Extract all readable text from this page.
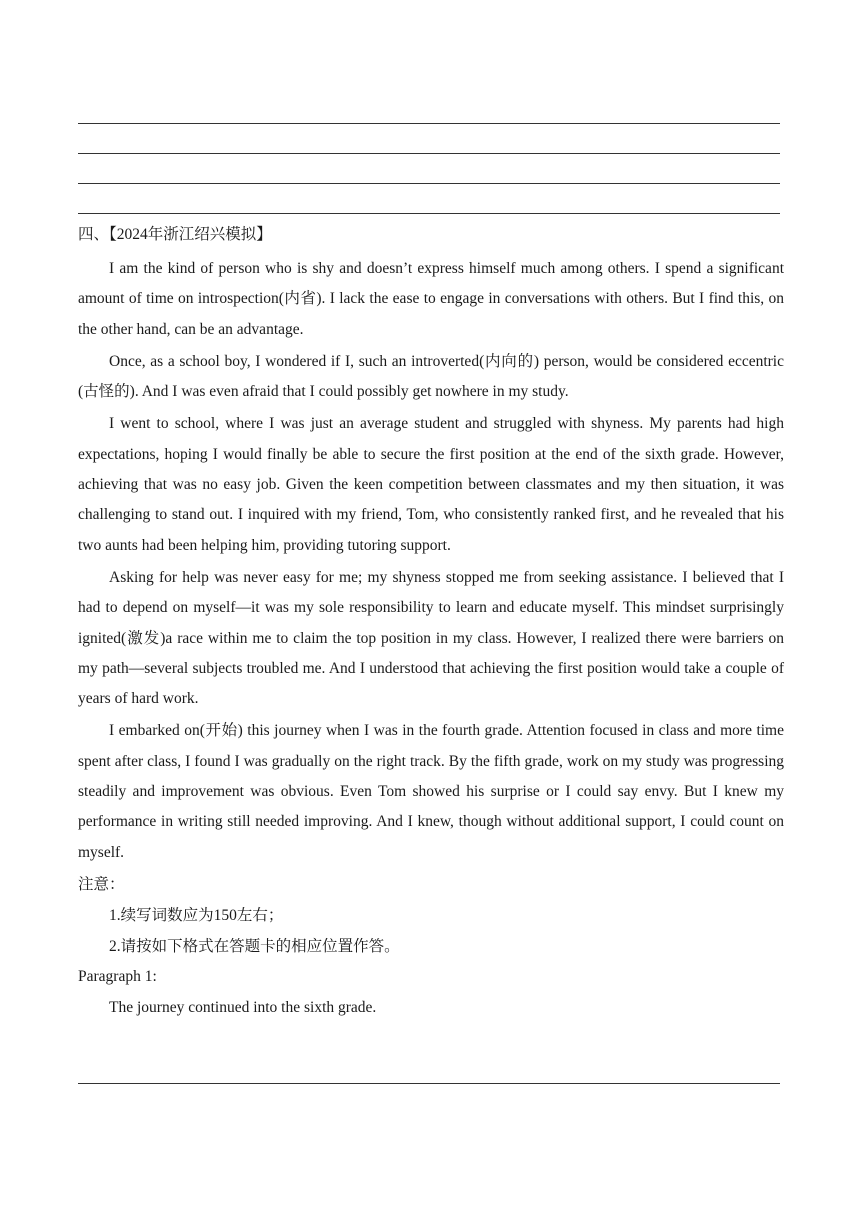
四、【2024年浙江绍兴模拟】

I am the kind of person who is shy and doesn’t express himself much among others. I spend a significant amount of time on introspection(内省). I lack the ease to engage in conversations with others. But I find this, on the other hand, can be an advantage.

Once, as a school boy, I wondered if I, such an introverted(内向的) person, would be considered eccentric (古怪的). And I was even afraid that I could possibly get nowhere in my study.

I went to school, where I was just an average student and struggled with shyness. My parents had high expectations, hoping I would finally be able to secure the first position at the end of the sixth grade. However, achieving that was no easy job. Given the keen competition between classmates and my then situation, it was challenging to stand out. I inquired with my friend, Tom, who consistently ranked first, and he revealed that his two aunts had been helping him, providing tutoring support.

Asking for help was never easy for me; my shyness stopped me from seeking assistance. I believed that I had to depend on myself—it was my sole responsibility to learn and educate myself. This mindset surprisingly ignited(激发)a race within me to claim the top position in my class. However, I realized there were barriers on my path—several subjects troubled me. And I understood that achieving the first position would take a couple of years of hard work.

I embarked on(开始) this journey when I was in the fourth grade. Attention focused in class and more time spent after class, I found I was gradually on the right track. By the fifth grade, work on my study was progressing steadily and improvement was obvious. Even Tom showed his surprise or I could say envy. But I knew my performance in writing still needed improving. And I knew, though without additional support, I could count on myself.

注意：

1.续写词数应为150左右；

2.请按如下格式在答题卡的相应位置作答。

Paragraph 1:

The journey continued into the sixth grade.
